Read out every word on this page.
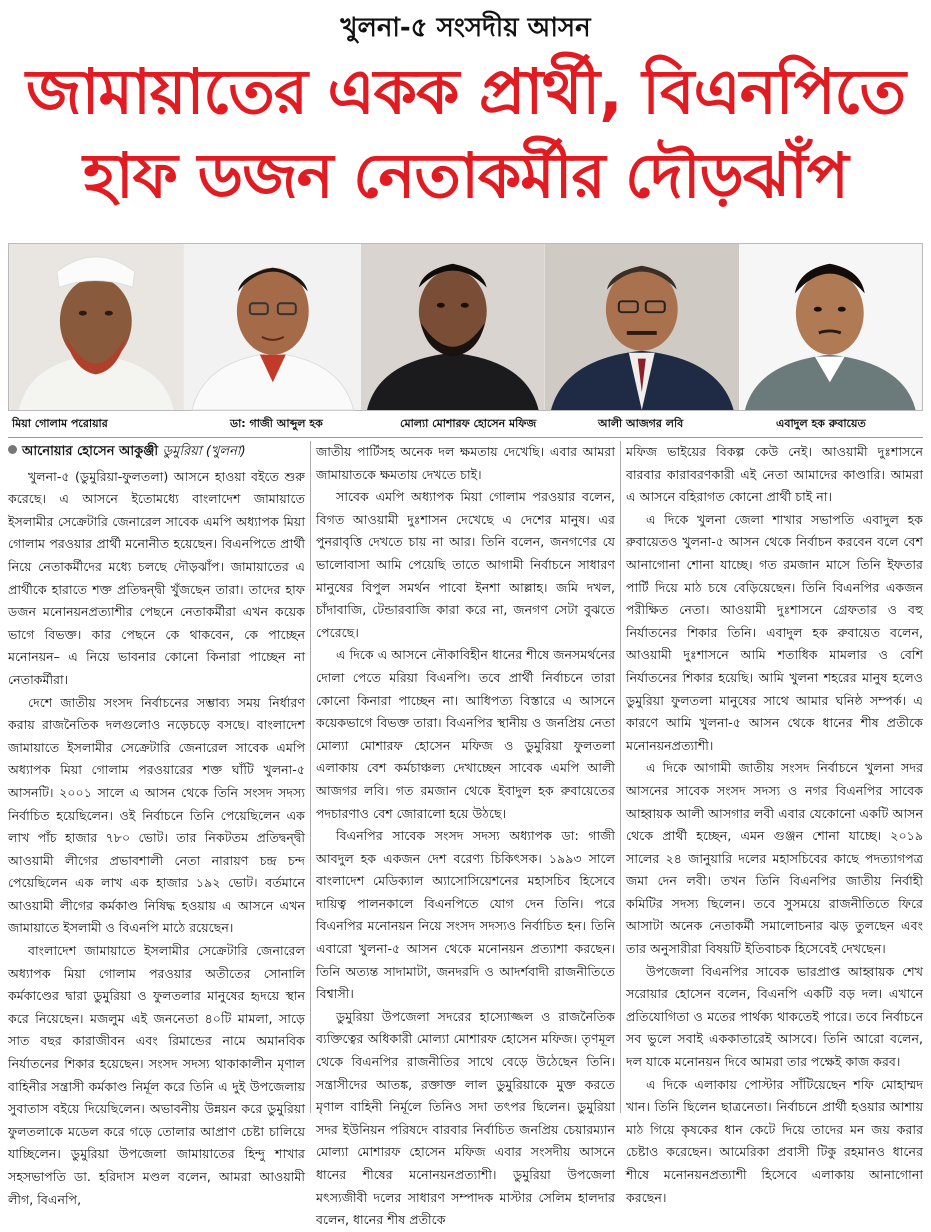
খুলনা-৫ সংসদীয় আসন
জামায়াতের একক প্রার্থী, বিএনপিতে
হাফ ডজন নেতাকর্মীর দৌড়ঝাঁপ
মিয়া গোলাম পরোয়ার	ডা: গাজী আব্দুল হক	মোল্যা মোশারফ হোসেন মফিজ	আলী আজগর লবি	এবাদুল হক রুবায়েত
আনোয়ার হোসেন আকুঞ্জী ডুমুরিয়া (খুলনা)

খুলনা-৫ (ডুমুরিয়া-ফুলতলা) আসনে হাওয়া বইতে শুরু করেছে। এ আসনে ইতোমধ্যে বাংলাদেশ জামায়াতে ইসলামীর সেক্রেটারি জেনারেল সাবেক এমপি অধ্যাপক মিয়া গোলাম পরওয়ার প্রার্থী মনোনীত হয়েছেন। বিএনপিতে প্রার্থী নিয়ে নেতাকর্মীদের মধ্যে চলছে দৌড়ঝাঁপ। জামায়াতের এ প্রার্থীকে হারাতে শক্ত প্রতিদ্বন্দ্বী খুঁজছেন তারা। তাদের হাফ ডজন মনোনয়নপ্রত্যাশীর পেছনে নেতাকর্মীরা এখন কয়েক ভাগে বিভক্ত। কার পেছনে কে থাকবেন, কে পাচ্ছেন মনোনয়ন– এ নিয়ে ভাবনার কোনো কিনারা পাচ্ছেন না নেতাকর্মীরা।

দেশে জাতীয় সংসদ নির্বাচনের সম্ভাব্য সময় নির্ধারণ করায় রাজনৈতিক দলগুলোও নড়েচড়ে বসছে। বাংলাদেশ জামায়াতে ইসলামীর সেক্রেটারি জেনারেল সাবেক এমপি অধ্যাপক মিয়া গোলাম পরওয়ারের শক্ত ঘাঁটি খুলনা-৫ আসনটি। ২০০১ সালে এ আসন থেকে তিনি সংসদ সদস্য নির্বাচিত হয়েছিলেন। ওই নির্বাচনে তিনি পেয়েছিলেন এক লাখ পাঁচ হাজার ৭৮০ ভোট। তার নিকটতম প্রতিদ্বন্দ্বী আওয়ামী লীগের প্রভাবশালী নেতা নারায়ণ চন্দ্র চন্দ পেয়েছিলেন এক লাখ এক হাজার ১৯২ ভোট। বর্তমানে আওয়ামী লীগের কর্মকাণ্ড নিষিদ্ধ হওয়ায় এ আসনে এখন জামায়াতে ইসলামী ও বিএনপি মাঠে রয়েছেন।

বাংলাদেশ জামায়াতে ইসলামীর সেক্রেটারি জেনারেল অধ্যাপক মিয়া গোলাম পরওয়ার অতীতের সোনালি কর্মকাণ্ডের দ্বারা ডুমুরিয়া ও ফুলতলার মানুষের হৃদয়ে স্থান করে নিয়েছেন। মজলুম এই জননেতা ৪০টি মামলা, সাড়ে সাত বছর কারাজীবন এবং রিমান্ডের নামে অমানবিক নির্যাতনের শিকার হয়েছেন। সংসদ সদস্য থাকাকালীন মৃণাল বাহিনীর সন্ত্রাসী কর্মকাণ্ড নির্মূল করে তিনি এ দুই উপজেলায় সুবাতাস বইয়ে দিয়েছিলেন। অভাবনীয় উন্নয়ন করে ডুমুরিয়া ফুলতলাকে মডেল করে গড়ে তোলার আপ্রাণ চেষ্টা চালিয়ে যাচ্ছিলেন। ডুমুরিয়া উপজেলা জামায়াতের হিন্দু শাখার সহসভাপতি ডা. হরিদাস মণ্ডল বলেন, আমরা আওয়ামী লীগ, বিএনপি,

জাতীয় পার্টিসহ অনেক দল ক্ষমতায় দেখেছি। এবার আমরা জামায়াতকে ক্ষমতায় দেখতে চাই।

সাবেক এমপি অধ্যাপক মিয়া গোলাম পরওয়ার বলেন, বিগত আওয়ামী দুঃশাসন দেখেছে এ দেশের মানুষ। এর পুনরাবৃত্তি দেখতে চায় না আর। তিনি বলেন, জনগণের যে ভালোবাসা আমি পেয়েছি তাতে আগামী নির্বাচনে সাধারণ মানুষের বিপুল সমর্থন পাবো ইনশা আল্লাহ। জমি দখল, চাঁদাবাজি, টেন্ডারবাজি কারা করে না, জনগণ সেটা বুঝতে পেরেছে।

এ দিকে এ আসনে নৌকাবিহীন ধানের শীষে জনসমর্থনের দোলা পেতে মরিয়া বিএনপি। তবে প্রার্থী নির্বাচনে তারা কোনো কিনারা পাচ্ছেন না। আধিপত্য বিস্তারে এ আসনে কয়েকভাগে বিভক্ত তারা। বিএনপির স্থানীয় ও জনপ্রিয় নেতা মোল্যা মোশারফ হোসেন মফিজ ও ডুমুরিয়া ফুলতলা এলাকায় বেশ কর্মচাঞ্চল্য দেখাচ্ছেন সাবেক এমপি আলী আজগর লবি। গত রমজান থেকে ইবাদুল হক রুবায়েতের পদচারণাও বেশ জোরালো হয়ে উঠছে।

বিএনপির সাবেক সংসদ সদস্য অধ্যাপক ডা: গাজী আবদুল হক একজন দেশ বরেণ্য চিকিৎসক। ১৯৯৩ সালে বাংলাদেশ মেডিক্যাল অ্যাসোসিয়েশনের মহাসচিব হিসেবে দায়িত্ব পালনকালে বিএনপিতে যোগ দেন তিনি। পরে বিএনপির মনোনয়ন নিয়ে সংসদ সদস্যও নির্বাচিত হন। তিনি এবারো খুলনা-৫ আসন থেকে মনোনয়ন প্রত্যাশা করছেন। তিনি অত্যন্ত সাদামাটা, জনদরদি ও আদর্শবাদী রাজনীতিতে বিশ্বাসী।

ডুমুরিয়া উপজেলা সদরের হাস্যোজ্জল ও রাজনৈতিক ব্যক্তিত্বের অধিকারী মোল্যা মোশারফ হোসেন মফিজ। তৃণমূল থেকে বিএনপির রাজনীতির সাথে বেড়ে উঠেছেন তিনি। সন্ত্রাসীদের আতঙ্ক, রক্তাক্ত লাল ডুমুরিয়াকে মুক্ত করতে মৃণাল বাহিনী নির্মূলে তিনিও সদা তৎপর ছিলেন। ডুমুরিয়া সদর ইউনিয়ন পরিষদে বারবার নির্বাচিত জনপ্রিয় চেয়ারম্যান মোল্যা মোশারফ হোসেন মফিজ এবার সংসদীয় আসনে ধানের শীষের মনোনয়নপ্রত্যাশী। ডুমুরিয়া উপজেলা মৎস্যজীবী দলের সাধারণ সম্পাদক মাস্টার সেলিম হালদার বলেন, ধানের শীষ প্রতীকে

মফিজ ভাইয়ের বিকল্প কেউ নেই। আওয়ামী দুঃশাসনে বারবার কারাবরণকারী এই নেতা আমাদের কাণ্ডারি। আমরা এ আসনে বহিরাগত কোনো প্রার্থী চাই না।

এ দিকে খুলনা জেলা শাখার সভাপতি এবাদুল হক রুবায়েতও খুলনা-৫ আসন থেকে নির্বাচন করবেন বলে বেশ আনাগোনা শোনা যাচ্ছে। গত রমজান মাসে তিনি ইফতার পার্টি দিয়ে মাঠ চষে বেড়িয়েছেন। তিনি বিএনপির একজন পরীক্ষিত নেতা। আওয়ামী দুঃশাসনে গ্রেফতার ও বহু নির্যাতনের শিকার তিনি। এবাদুল হক রুবায়েত বলেন, আওয়ামী দুঃশাসনে আমি শতাধিক মামলার ও বেশি নির্যাতনের শিকার হয়েছি। আমি খুলনা শহরের মানুষ হলেও ডুমুরিয়া ফুলতলা মানুষের সাথে আমার ঘনিষ্ঠ সম্পর্ক। এ কারণে আমি খুলনা-৫ আসন থেকে ধানের শীষ প্রতীকে মনোনয়নপ্রত্যাশী।

এ দিকে আগামী জাতীয় সংসদ নির্বাচনে খুলনা সদর আসনের সাবেক সংসদ সদস্য ও নগর বিএনপির সাবেক আহ্বায়ক আলী আসগার লবী এবার যেকোনো একটি আসন থেকে প্রার্থী হচ্ছেন, এমন গুঞ্জন শোনা যাচ্ছে। ২০১৯ সালের ২৪ জানুয়ারি দলের মহাসচিবের কাছে পদত্যাগপত্র জমা দেন লবী। তখন তিনি বিএনপির জাতীয় নির্বাহী কমিটির সদস্য ছিলেন। তবে সুসময়ে রাজনীতিতে ফিরে আসাটা অনেক নেতাকর্মী সমালোচনার ঝড় তুলছেন এবং তার অনুসারীরা বিষয়টি ইতিবাচক হিসেবেই দেখছেন।

উপজেলা বিএনপির সাবেক ভারপ্রাপ্ত আহ্বায়ক শেখ সরোয়ার হোসেন বলেন, বিএনপি একটি বড় দল। এখানে প্রতিযোগিতা ও মতের পার্থক্য থাকতেই পারে। তবে নির্বাচনে সব ভুলে সবাই এককাতারেই আসবে। তিনি আরো বলেন, দল যাকে মনোনয়ন দিবে আমরা তার পক্ষেই কাজ করব।

এ দিকে এলাকায় পোস্টার সাঁটিয়েছেন শফি মোহাম্মদ খান। তিনি ছিলেন ছাত্রনেতা। নির্বাচনে প্রার্থী হওয়ার আশায় মাঠ গিয়ে কৃষকের ধান কেটে দিয়ে তাদের মন জয় করার চেষ্টাও করেছেন। আমেরিকা প্রবাসী টিকু রহমানও ধানের শীষে মনোনয়নপ্রত্যাশী হিসেবে এলাকায় আনাগোনা করছেন।
